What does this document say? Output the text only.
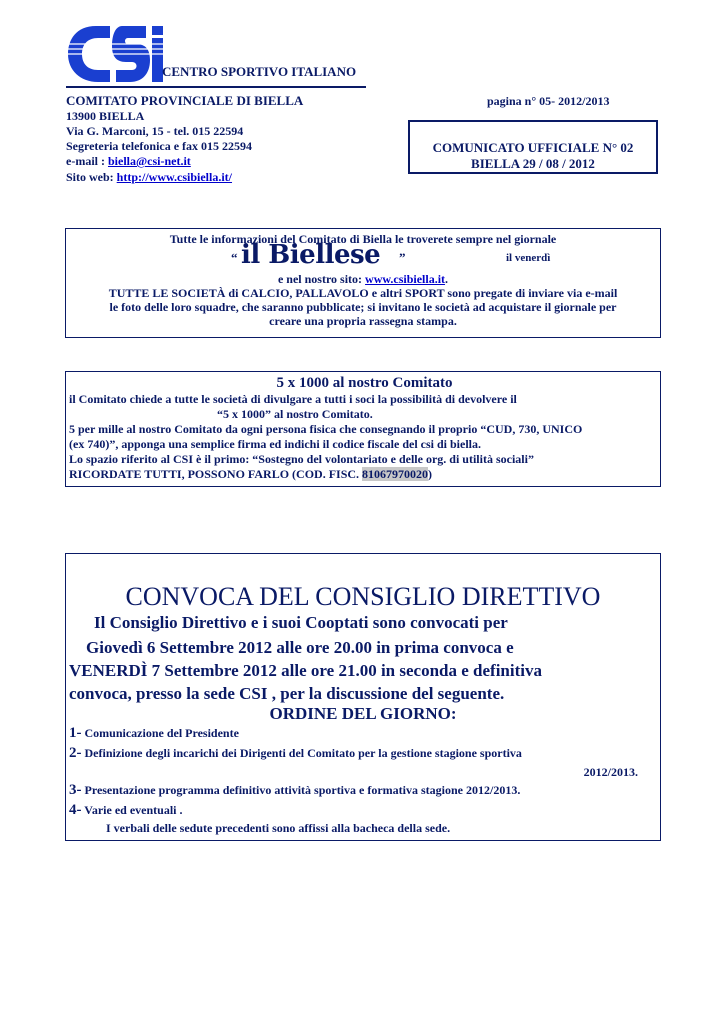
CENTRO SPORTIVO ITALIANO
COMITATO PROVINCIALE DI BIELLA	pagina n° 05- 2012/2013
13900 BIELLA
Via G. Marconi, 15 - tel. 015 22594
Segreteria telefonica e fax 015 22594
e-mail : biella@csi-net.it
Sito web: http://www.csibiella.it/
COMUNICATO UFFICIALE N° 02
BIELLA 29 / 08 / 2012
Tutte le informazioni del Comitato di Biella le troverete sempre nel giornale
“ il Biellese ”	il venerdì
e nel nostro sito: www.csibiella.it.
TUTTE LE SOCIETÀ di CALCIO, PALLAVOLO e altri SPORT sono pregate di inviare via e-mail
le foto delle loro squadre, che saranno pubblicate; si invitano le società ad acquistare il giornale per
creare una propria rassegna stampa.
5 x 1000 al nostro Comitato
il Comitato chiede a tutte le società di divulgare a tutti i soci la possibilità di devolvere il
“5 x 1000” al nostro Comitato.
5 per mille al nostro Comitato da ogni persona fisica che consegnando il proprio “CUD, 730, UNICO
(ex 740)”, apponga una semplice firma ed indichi il codice fiscale del csi di biella.
Lo spazio riferito al CSI è il primo: “Sostegno del volontariato e delle org. di utilità sociali”
RICORDATE TUTTI, POSSONO FARLO (COD. FISC. 81067970020)
CONVOCA DEL CONSIGLIO DIRETTIVO
Il Consiglio Direttivo e i suoi Cooptati sono convocati per
Giovedì 6 Settembre 2012 alle ore 20.00 in prima convoca e
VENERDÌ 7 Settembre 2012 alle ore 21.00 in seconda e definitiva
convoca, presso la sede CSI , per la discussione del seguente.
ORDINE DEL GIORNO:
1- Comunicazione del Presidente
2- Definizione degli incarichi dei Dirigenti del Comitato per la gestione stagione sportiva
2012/2013.
3- Presentazione programma definitivo attività sportiva e formativa stagione 2012/2013.
4- Varie ed eventuali .
I verbali delle sedute precedenti sono affissi alla bacheca della sede.
